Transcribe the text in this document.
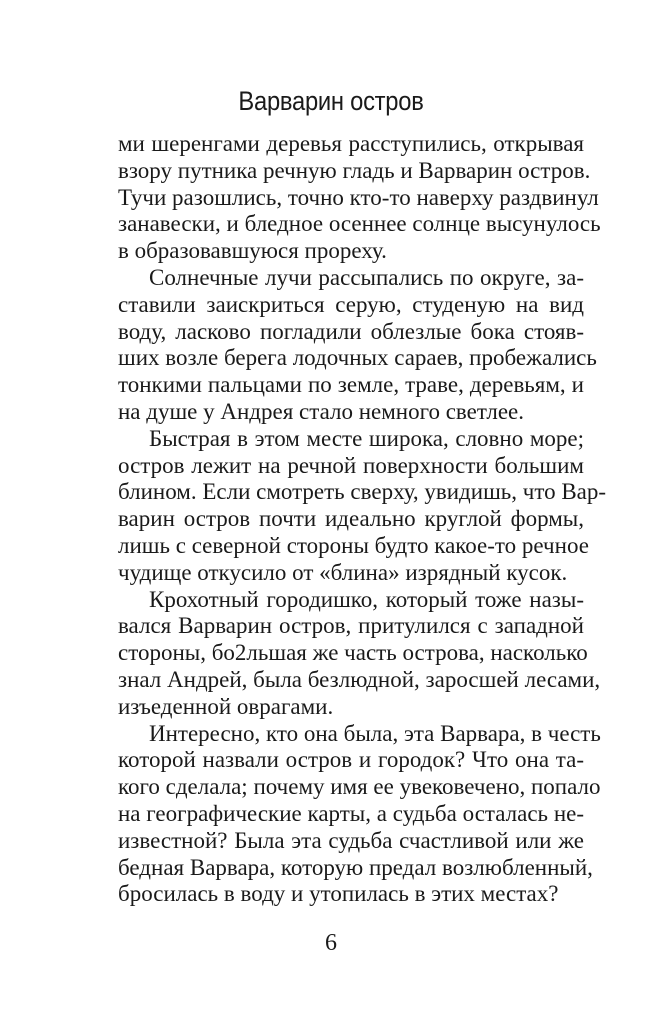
Варварин остров
ми шеренгами деревья расступились, открывая
взору путника речную гладь и Варварин остров.
Тучи разошлись, точно кто-то наверху раздвинул
занавески, и бледное осеннее солнце высунулось
в образовавшуюся прореху.
Солнечные лучи рассыпались по округе, за-
ставили заискриться серую, студеную на вид
воду, ласково погладили облезлые бока стояв-
ших возле берега лодочных сараев, пробежались
тонкими пальцами по земле, траве, деревьям, и
на душе у Андрея стало немного светлее.
Быстрая в этом месте широка, словно море;
остров лежит на речной поверхности большим
блином. Если смотреть сверху, увидишь, что Вар-
варин остров почти идеально круглой формы,
лишь с северной стороны будто какое-то речное
чудище откусило от «блина» изрядный кусок.
Крохотный городишко, который тоже назы-
вался Варварин остров, притулился с западной
стороны, бо2льшая же часть острова, насколько
знал Андрей, была безлюдной, заросшей лесами,
изъеденной оврагами.
Интересно, кто она была, эта Варвара, в честь
которой назвали остров и городок? Что она та-
кого сделала; почему имя ее увековечено, попало
на географические карты, а судьба осталась не-
известной? Была эта судьба счастливой или же
бедная Варвара, которую предал возлюбленный,
бросилась в воду и утопилась в этих местах?
6
